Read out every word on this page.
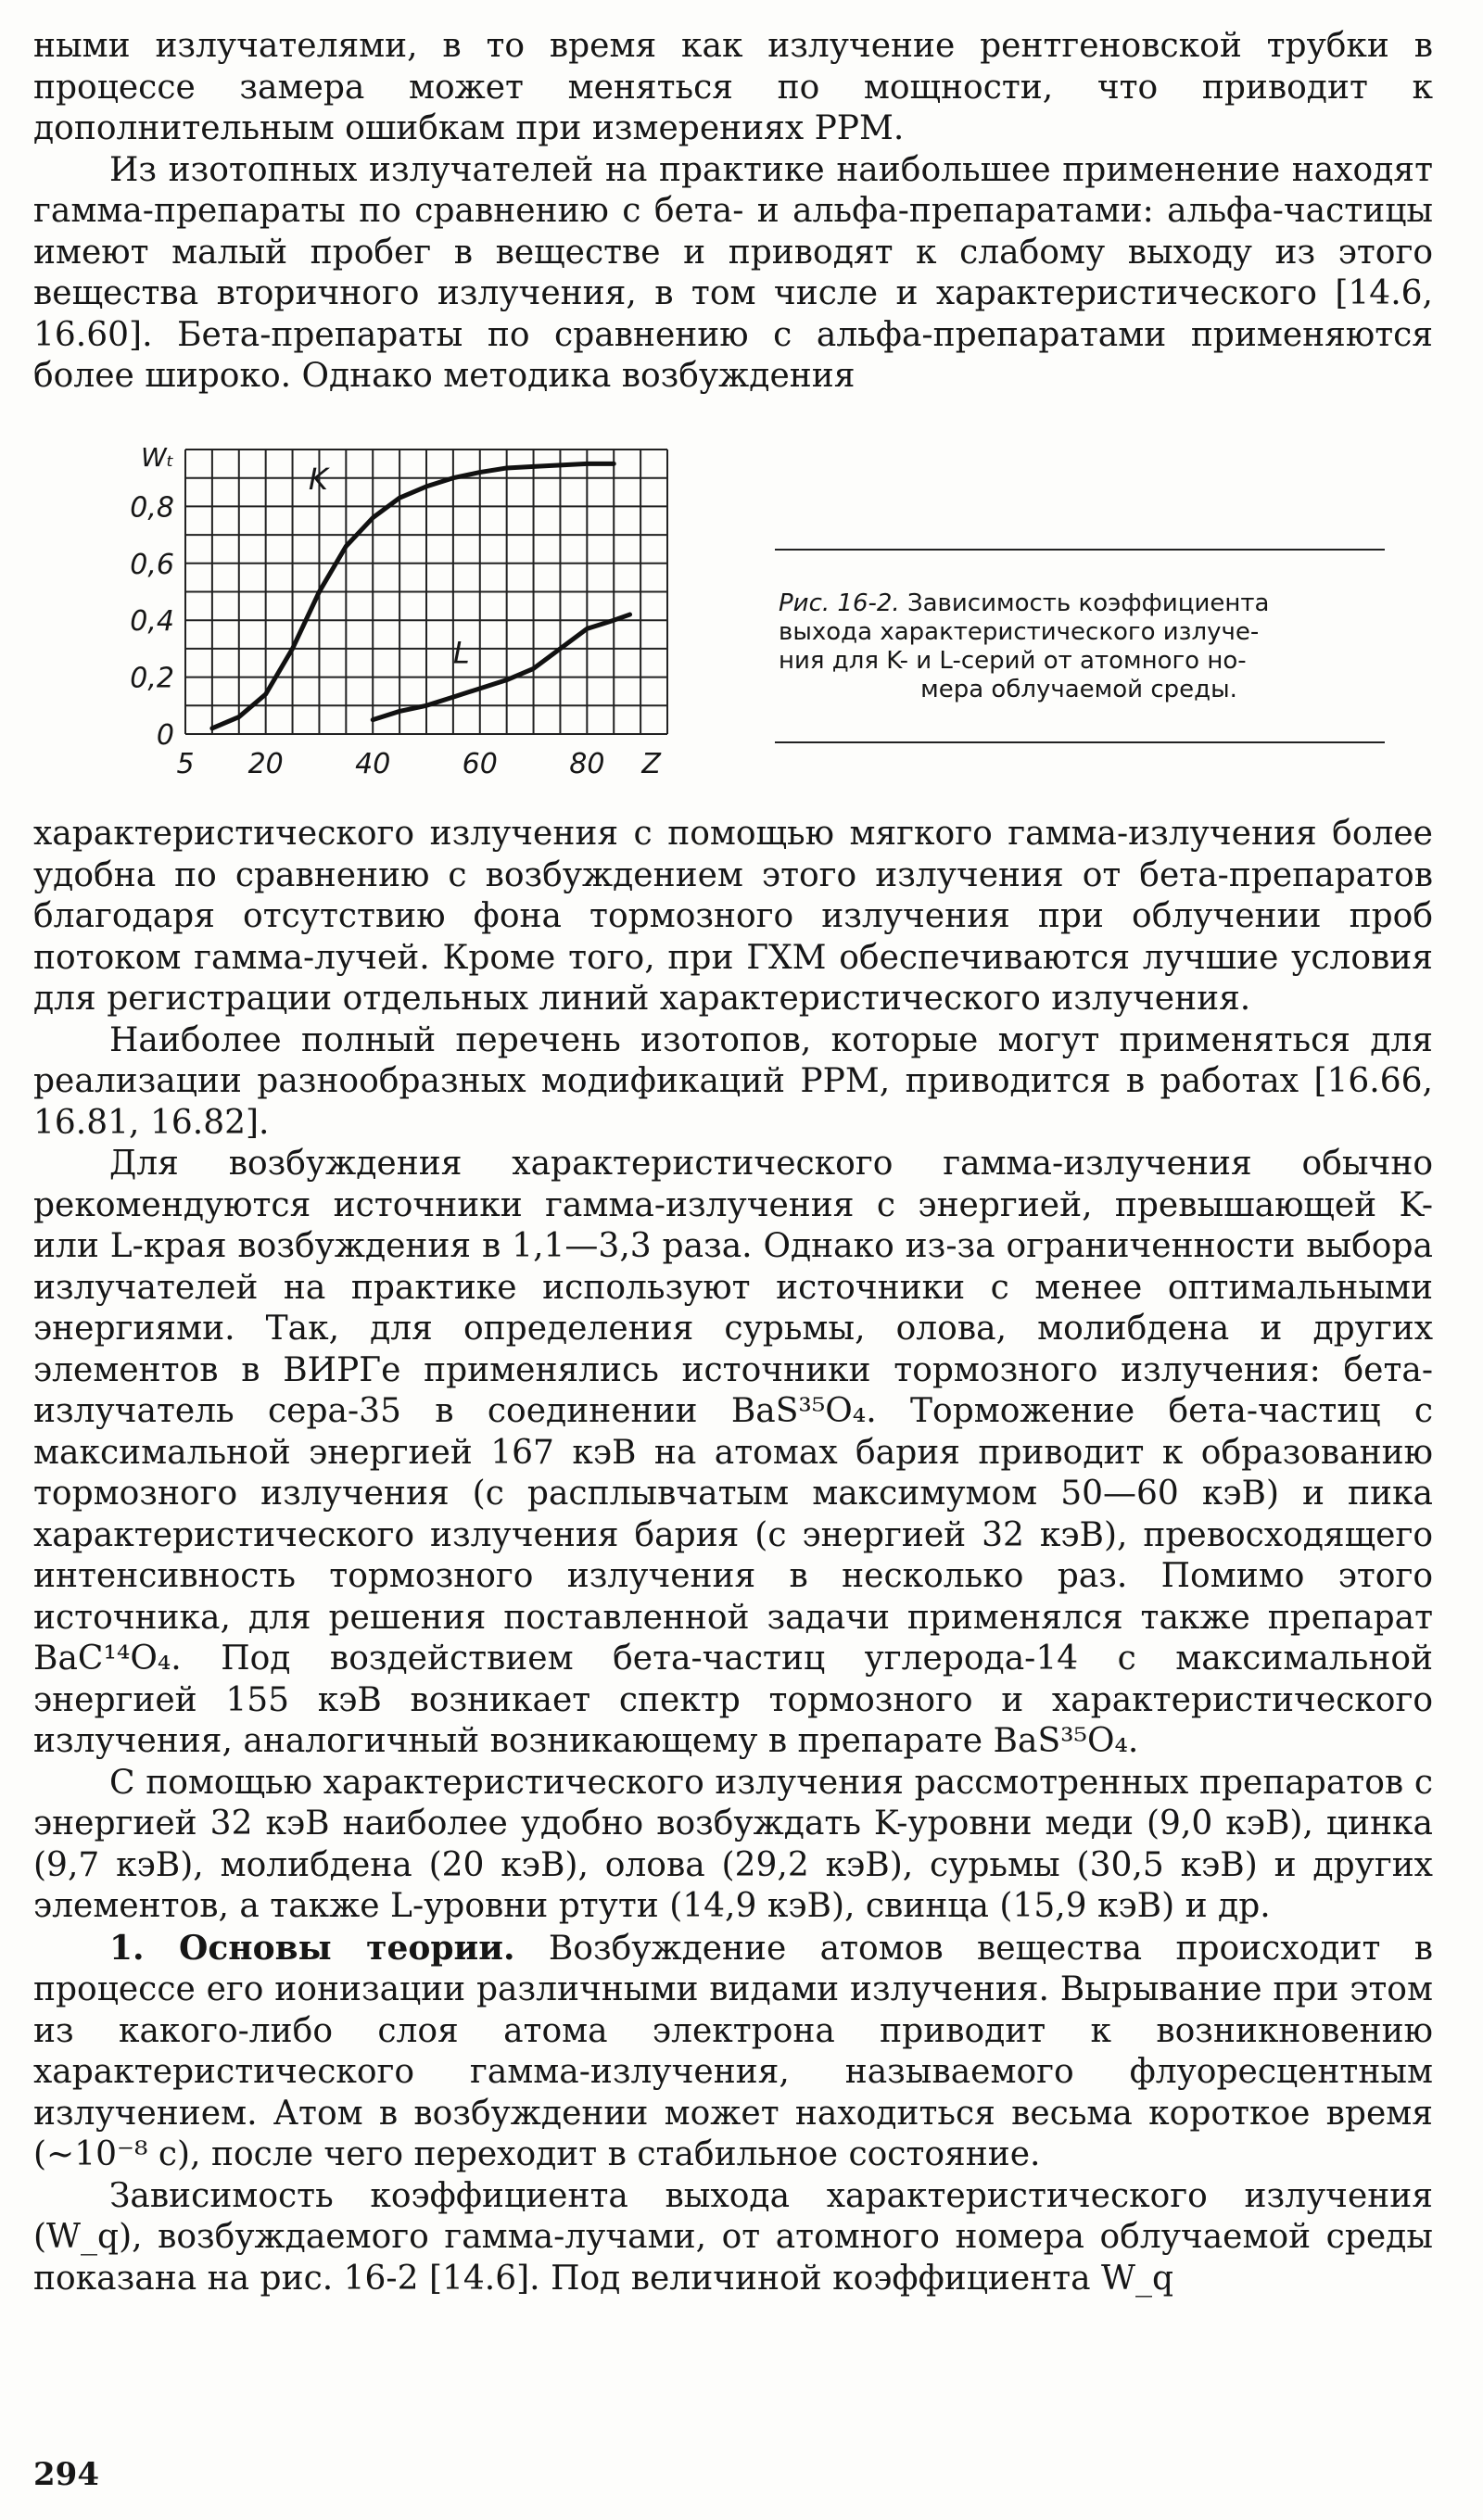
ными излучателями, в то время как излучение рентгеновской трубки в процессе замера может меняться по мощности, что приводит к дополнительным ошибкам при измерениях РРМ.

Из изотопных излучателей на практике наибольшее применение находят гамма-препараты по сравнению с бета- и альфа-препаратами: альфа-частицы имеют малый пробег в веществе и приводят к слабому выходу из этого вещества вторичного излучения, в том числе и характеристического [14.6, 16.60]. Бета-препараты по сравнению с альфа-препаратами применяются более широко. Однако методика возбуждения

0
0,2
0,4
0,6
0,8
Wₜ
5 20	40	60	80 Z
K
L

Рис. 16-2. Зависимость коэффициента

выхода характеристического излуче-

ния для K- и L-серий от атомного но-

мера облучаемой среды.

характеристического излучения с помощью мягкого гамма-излучения более удобна по сравнению с возбуждением этого излучения от бета-препаратов благодаря отсутствию фона тормозного излучения при облучении проб потоком гамма-лучей. Кроме того, при ГХМ обеспечиваются лучшие условия для регистрации отдельных линий характеристического излучения.

Наиболее полный перечень изотопов, которые могут применяться для реализации разнообразных модификаций РРМ, приводится в работах [16.66, 16.81, 16.82].

Для возбуждения характеристического гамма-излучения обычно рекомендуются источники гамма-излучения с энергией, превышающей K- или L-края возбуждения в 1,1—3,3 раза. Однако из-за ограниченности выбора излучателей на практике используют источники с менее оптимальными энергиями. Так, для определения сурьмы, олова, молибдена и других элементов в ВИРГе применялись источники тормозного излучения: бета-излучатель сера-35 в соединении BaS³⁵O₄. Торможение бета-частиц с максимальной энергией 167 кэВ на атомах бария приводит к образованию тормозного излучения (с расплывчатым максимумом 50—60 кэВ) и пика характеристического излучения бария (с энергией 32 кэВ), превосходящего интенсивность тормозного излучения в несколько раз. Помимо этого источника, для решения поставленной задачи применялся также препарат BaC¹⁴O₄. Под воздействием бета-частиц углерода-14 с максимальной энергией 155 кэВ возникает спектр тормозного и характеристического излучения, аналогичный возникающему в препарате BaS³⁵O₄.

С помощью характеристического излучения рассмотренных препаратов с энергией 32 кэВ наиболее удобно возбуждать K-уровни меди (9,0 кэВ), цинка (9,7 кэВ), молибдена (20 кэВ), олова (29,2 кэВ), сурьмы (30,5 кэВ) и других элементов, а также L-уровни ртути (14,9 кэВ), свинца (15,9 кэВ) и др.

1. Основы теории. Возбуждение атомов вещества происходит в процессе его ионизации различными видами излучения. Вырывание при этом из какого-либо слоя атома электрона приводит к возникновению характеристического гамма-излучения, называемого флуоресцентным излучением. Атом в возбуждении может находиться весьма короткое время (~10⁻⁸ с), после чего переходит в стабильное состояние.

Зависимость коэффициента выхода характеристического излучения (W_q), возбуждаемого гамма-лучами, от атомного номера облучаемой среды показана на рис. 16-2 [14.6]. Под величиной коэффициента W_q

294
